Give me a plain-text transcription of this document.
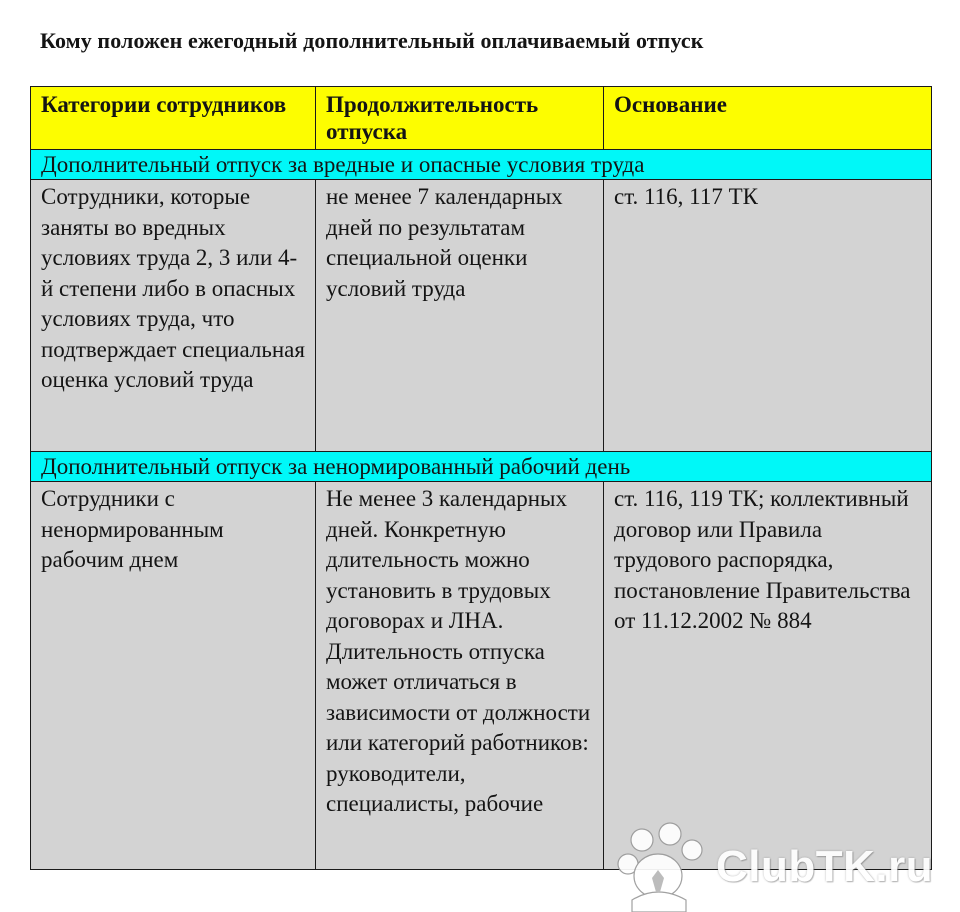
Кому положен ежегодный дополнительный оплачиваемый отпуск
Категории сотрудников	Продолжительность отпуска	Основание
Дополнительный отпуск за вредные и опасные условия труда		
Сотрудники, которые заняты во вредных условиях труда 2, 3 или 4-й степени либо в опасных условиях труда, что подтверждает специальная оценка условий труда	не менее 7 календарных дней по результатам специальной оценки условий труда	ст. 116, 117 ТК
Дополнительный отпуск за ненормированный рабочий день		
Сотрудники с ненормированным рабочим днем	Не менее 3 календарных дней. Конкретную длительность можно установить в трудовых договорах и ЛНА. Длительность отпуска может отличаться в зависимости от должности или категорий работников: руководители, специалисты, рабочие	ст. 116, 119 ТК; коллективный договор или Правила трудового распорядка, постановление Правительства от 11.12.2002 № 884
ClubTK.ru
